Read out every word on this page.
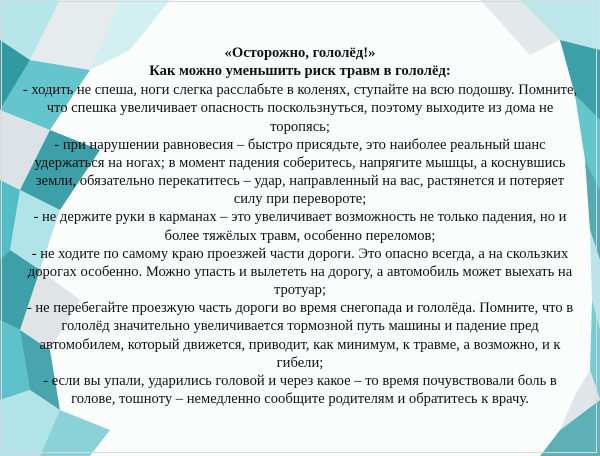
«Осторожно, гололёд!»

Как можно уменьшить риск травм в гололёд:

- ходить не спеша, ноги слегка расслабьте в коленях, ступайте на всю подошву. Помните, что спешка увеличивает опасность поскользнуться, поэтому выходите из дома не торопясь;

- при нарушении равновесия – быстро присядьте, это наиболее реальный шанс удержаться на ногах; в момент падения соберитесь, напрягите мышцы, а коснувшись земли, обязательно перекатитесь – удар, направленный на вас, растянется и потеряет силу при перевороте;

- не держите руки в карманах – это увеличивает возможность не только падения, но и более тяжёлых травм, особенно переломов;

- не ходите по самому краю проезжей части дороги. Это опасно всегда, а на скользких дорогах особенно. Можно упасть и вылететь на дорогу, а автомобиль может выехать на тротуар;

- не перебегайте проезжую часть дороги во время снегопада и гололёда. Помните, что в гололёд значительно увеличивается тормозной путь машины и падение пред автомобилем, который движется, приводит, как минимум, к травме, а возможно, и к гибели;

- если вы упали, ударились головой и через какое – то время почувствовали боль в голове, тошноту – немедленно сообщите родителям и обратитесь к врачу.
